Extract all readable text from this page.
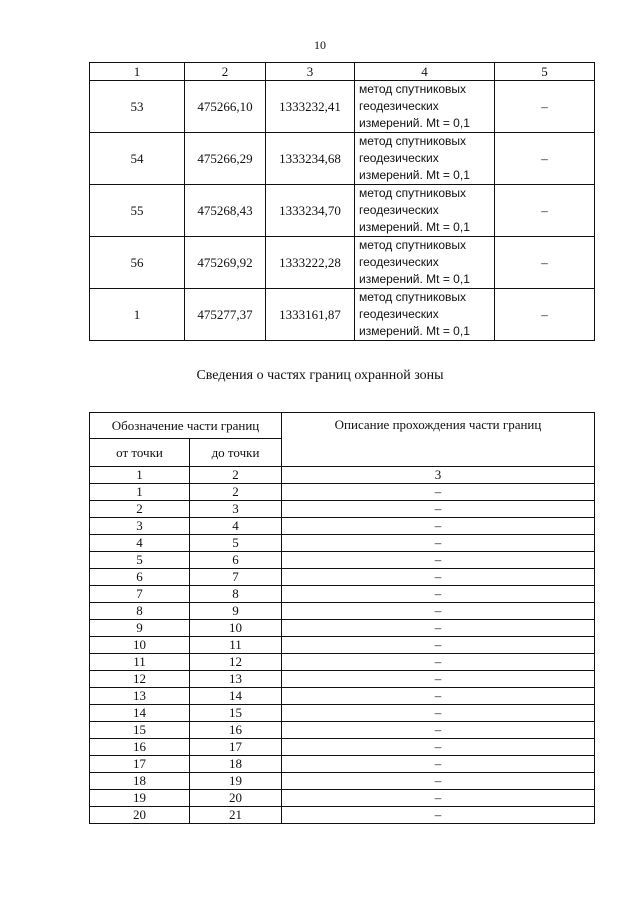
10
1	2	3	4	5
53	475266,10	1333232,41	метод спутниковых
геодезических
измерений. Mt = 0,1	–
54	475266,29	1333234,68	метод спутниковых
геодезических
измерений. Mt = 0,1	–
55	475268,43	1333234,70	метод спутниковых
геодезических
измерений. Mt = 0,1	–
56	475269,92	1333222,28	метод спутниковых
геодезических
измерений. Mt = 0,1	–
1	475277,37	1333161,87	метод спутниковых
геодезических
измерений. Mt = 0,1	–
Сведения о частях границ охранной зоны
Обозначение части границ		Описание прохождения части границ
от точки	до точки	
1	2	3
1	2	–
2	3	–
3	4	–
4	5	–
5	6	–
6	7	–
7	8	–
8	9	–
9	10	–
10	11	–
11	12	–
12	13	–
13	14	–
14	15	–
15	16	–
16	17	–
17	18	–
18	19	–
19	20	–
20	21	–
